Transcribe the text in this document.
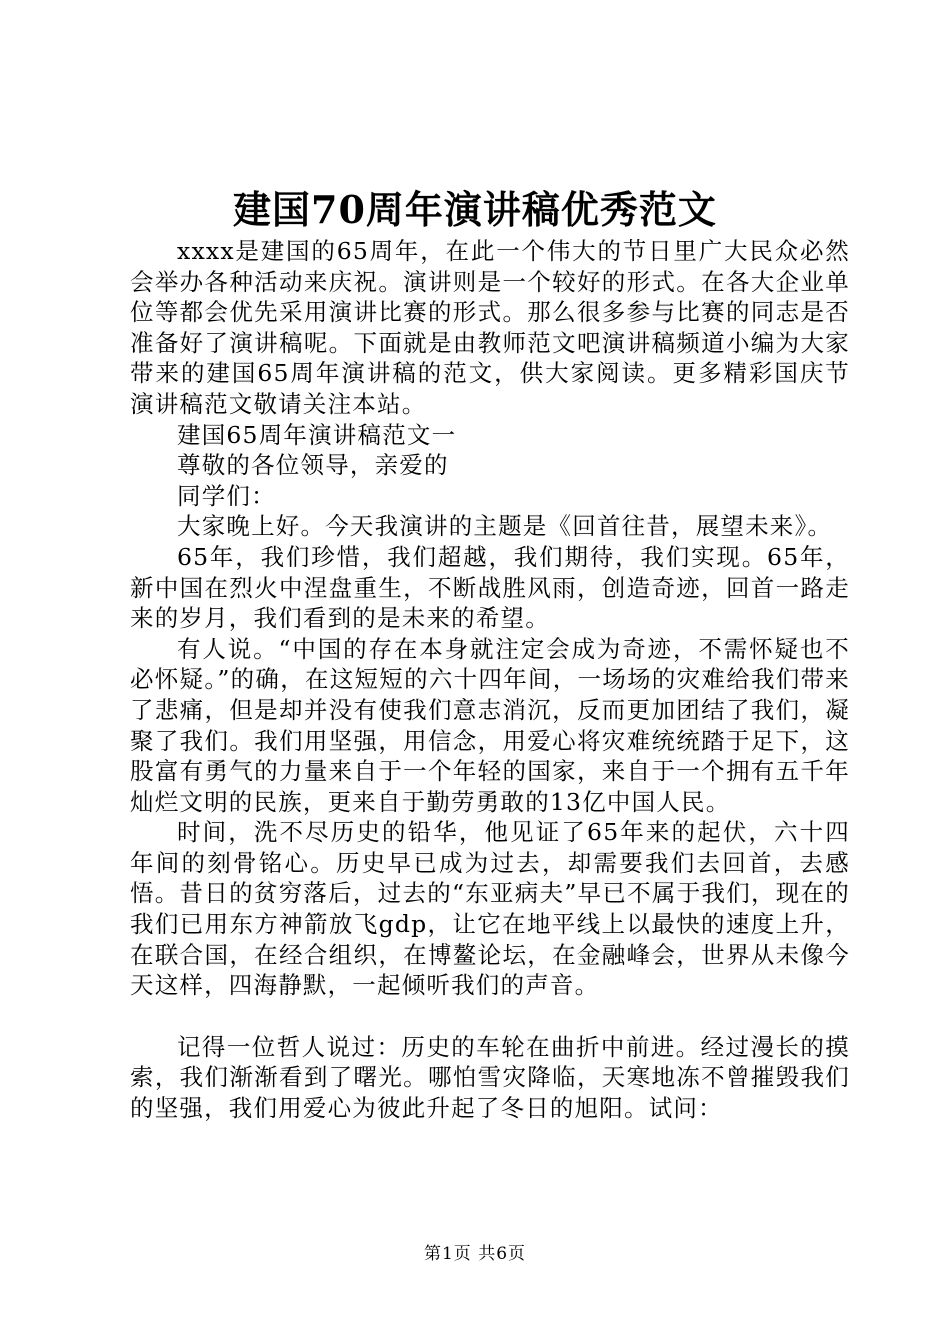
建国70周年演讲稿优秀范文

xxxx是建国的65周年，在此一个伟大的节日里广大民众必然会举办各种活动来庆祝。演讲则是一个较好的形式。在各大企业单位等都会优先采用演讲比赛的形式。那么很多参与比赛的同志是否准备好了演讲稿呢。下面就是由教师范文吧演讲稿频道小编为大家带来的建国65周年演讲稿的范文，供大家阅读。更多精彩国庆节演讲稿范文敬请关注本站。

建国65周年演讲稿范文一

尊敬的各位领导，亲爱的

同学们：

大家晚上好。今天我演讲的主题是《回首往昔，展望未来》。

65年，我们珍惜，我们超越，我们期待，我们实现。65年，新中国在烈火中涅盘重生，不断战胜风雨，创造奇迹，回首一路走来的岁月，我们看到的是未来的希望。

有人说。“中国的存在本身就注定会成为奇迹，不需怀疑也不必怀疑。”的确，在这短短的六十四年间，一场场的灾难给我们带来了悲痛，但是却并没有使我们意志消沉，反而更加团结了我们，凝聚了我们。我们用坚强，用信念，用爱心将灾难统统踏于足下，这股富有勇气的力量来自于一个年轻的国家，来自于一个拥有五千年灿烂文明的民族，更来自于勤劳勇敢的13亿中国人民。

时间，洗不尽历史的铅华，他见证了65年来的起伏，六十四年间的刻骨铭心。历史早已成为过去，却需要我们去回首，去感悟。昔日的贫穷落后，过去的“东亚病夫”早已不属于我们，现在的我们已用东方神箭放飞gdp，让它在地平线上以最快的速度上升，在联合国，在经合组织，在博鳌论坛，在金融峰会，世界从未像今天这样，四海静默，一起倾听我们的声音。

记得一位哲人说过：历史的车轮在曲折中前进。经过漫长的摸索，我们渐渐看到了曙光。哪怕雪灾降临，天寒地冻不曾摧毁我们的坚强，我们用爱心为彼此升起了冬日的旭阳。试问：

第1页 共6页
